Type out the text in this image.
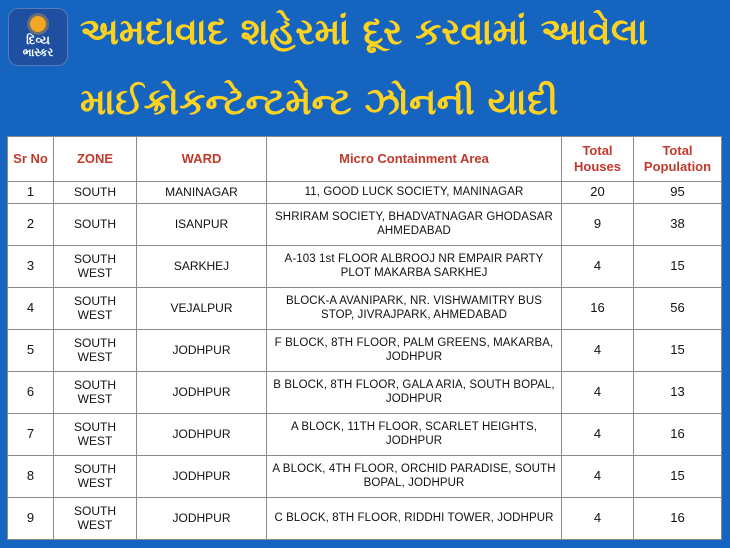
દિવ્ય
ભાસ્કર અમદાવાદ શહેરમાં દૂર કરવામાં આવેલા
માઈક્રોકન્ટેન્ટમેન્ટ ઝોનની યાદી
Sr No	ZONE	WARD	Micro Containment Area	Total Houses	Total Population
1	SOUTH	MANINAGAR	11, GOOD LUCK SOCIETY, MANINAGAR	20	95
2	SOUTH	ISANPUR	SHRIRAM SOCIETY, BHADVATNAGAR GHODASAR AHMEDABAD	9	38
3	SOUTH WEST	SARKHEJ	A-103 1st FLOOR ALBROOJ NR EMPAIR PARTY PLOT MAKARBA SARKHEJ	4	15
4	SOUTH WEST	VEJALPUR	BLOCK-A AVANIPARK, NR. VISHWAMITRY BUS STOP, JIVRAJPARK, AHMEDABAD	16	56
5	SOUTH WEST	JODHPUR	F BLOCK, 8TH FLOOR, PALM GREENS, MAKARBA, JODHPUR	4	15
6	SOUTH WEST	JODHPUR	B BLOCK, 8TH FLOOR, GALA ARIA, SOUTH BOPAL, JODHPUR	4	13
7	SOUTH WEST	JODHPUR	A BLOCK, 11TH FLOOR, SCARLET HEIGHTS, JODHPUR	4	16
8	SOUTH WEST	JODHPUR	A BLOCK, 4TH FLOOR, ORCHID PARADISE, SOUTH BOPAL, JODHPUR	4	15
9	SOUTH WEST	JODHPUR	C BLOCK, 8TH FLOOR, RIDDHI TOWER, JODHPUR	4	16
